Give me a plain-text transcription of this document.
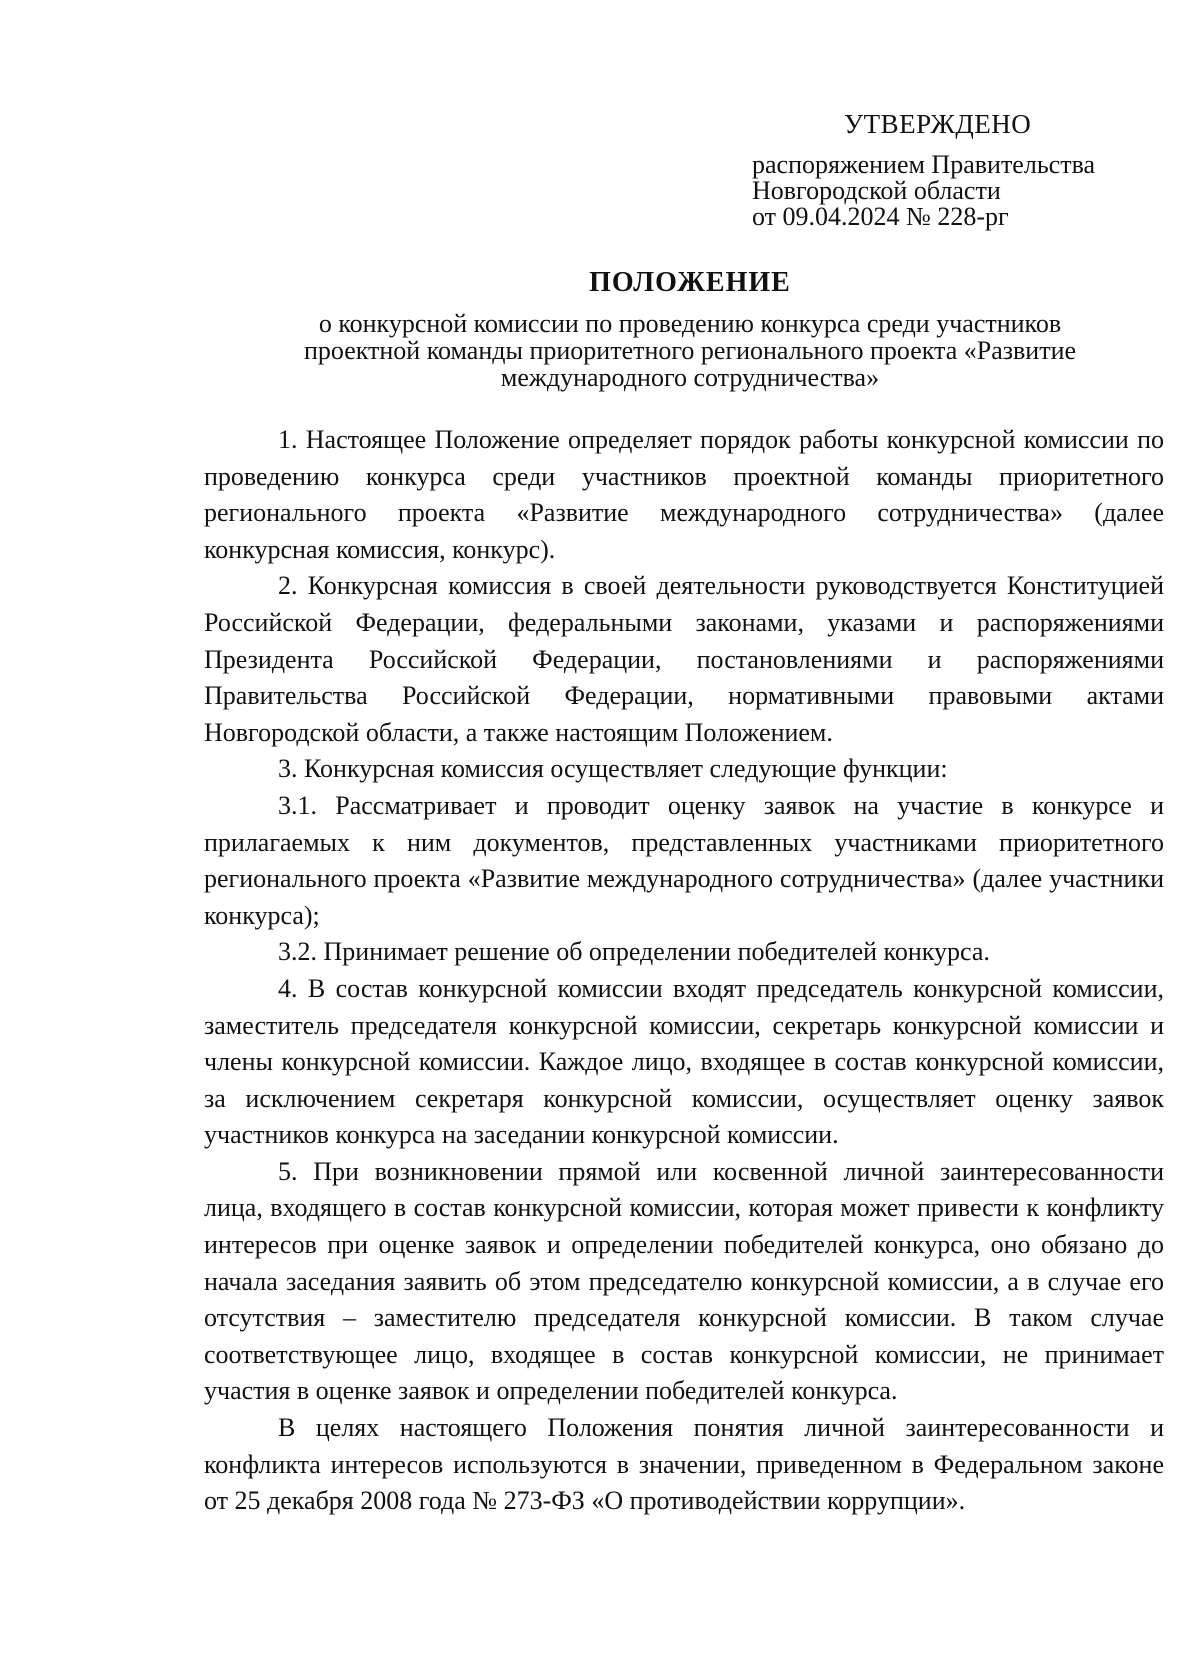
УТВЕРЖДЕНО

распоряжением Правительства

Новгородской области

от 09.04.2024 № 228-рг

ПОЛОЖЕНИЕ

о конкурсной комиссии по проведению конкурса среди участников

проектной команды приоритетного регионального проекта «Развитие

международного сотрудничества»

1. Настоящее Положение определяет порядок работы конкурсной комиссии по проведению конкурса среди участников проектной команды приоритетного регионального проекта «Развитие международного сотрудничества» (далее конкурсная комиссия, конкурс).

2. Конкурсная комиссия в своей деятельности руководствуется Конституцией Российской Федерации, федеральными законами, указами и распоряжениями Президента Российской Федерации, постановлениями и распоряжениями Правительства Российской Федерации, нормативными правовыми актами Новгородской области, а также настоящим Положением.

3. Конкурсная комиссия осуществляет следующие функции:

3.1. Рассматривает и проводит оценку заявок на участие в конкурсе и прилагаемых к ним документов, представленных участниками приоритетного регионального проекта «Развитие международного сотрудничества» (далее участники конкурса);

3.2. Принимает решение об определении победителей конкурса.

4. В состав конкурсной комиссии входят председатель конкурсной комиссии, заместитель председателя конкурсной комиссии, секретарь конкурсной комиссии и члены конкурсной комиссии. Каждое лицо, входящее в состав конкурсной комиссии, за исключением секретаря конкурсной комиссии, осуществляет оценку заявок участников конкурса на заседании конкурсной комиссии.

5. При возникновении прямой или косвенной личной заинтересованности лица, входящего в состав конкурсной комиссии, которая может привести к конфликту интересов при оценке заявок и определении победителей конкурса, оно обязано до начала заседания заявить об этом председателю конкурсной комиссии, а в случае его отсутствия – заместителю председателя конкурсной комиссии. В таком случае соответствующее лицо, входящее в состав конкурсной комиссии, не принимает участия в оценке заявок и определении победителей конкурса.

В целях настоящего Положения понятия личной заинтересованности и конфликта интересов используются в значении, приведенном в Федеральном законе от 25 декабря 2008 года № 273-ФЗ «О противодействии коррупции».
